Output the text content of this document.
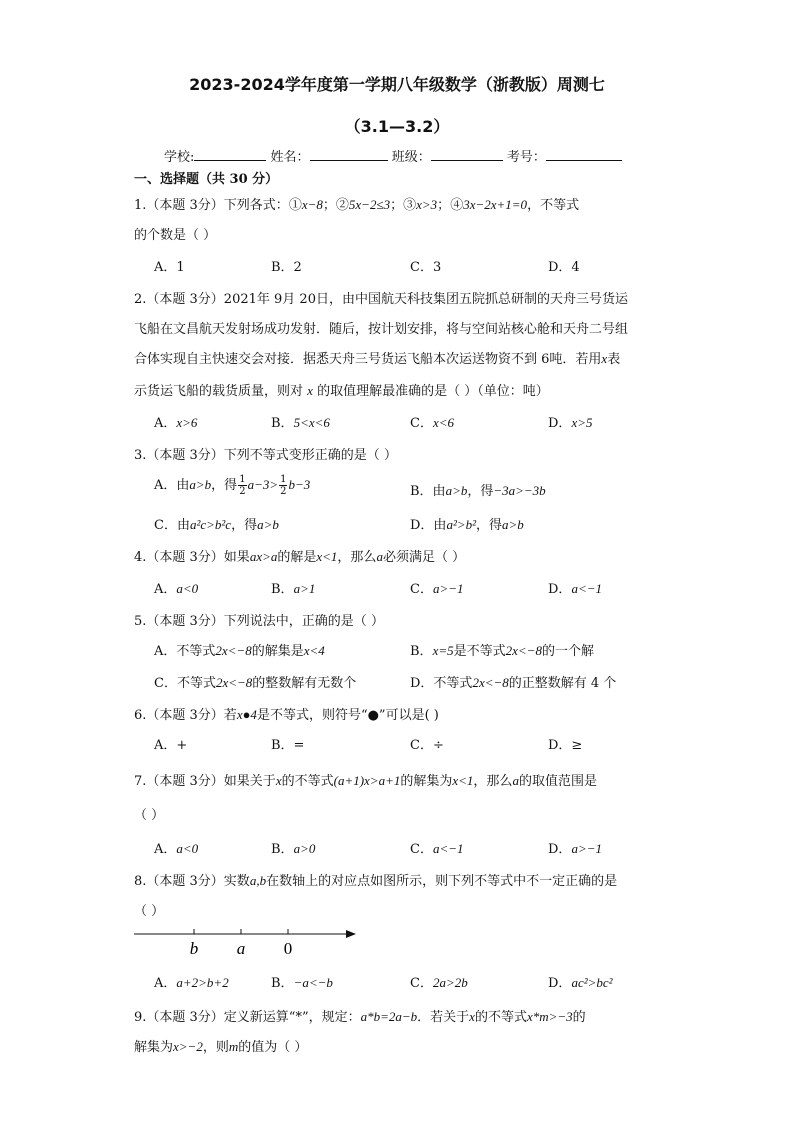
2023-2024学年度第一学期八年级数学（浙教版）周测七
（3.1—3.2）
学校:	姓名：	班级：	考号：
一、选择题（共 30 分）
1.（本题 3分）下列各式：①x−8；②5x−2≤3；③x>3；④3x−2x+1=0，不等式
的个数是（ ）
A．1	B．2	C．3	D．4
2.（本题 3分）2021年 9月 20日，由中国航天科技集团五院抓总研制的天舟三号货运
飞船在文昌航天发射场成功发射．随后，按计划安排，将与空间站核心舱和天舟二号组
合体实现自主快速交会对接．据悉天舟三号货运飞船本次运送物资不到 6吨．若用x表
示货运飞船的载货质量，则对 x 的取值理解最准确的是（ ）（单位：吨）
A．x>6	B．5<x<6	C．x<6	D．x>5
3.（本题 3分）下列不等式变形正确的是（ ）
A．由a>b，得 $\frac{1}{2} a-3> \frac{1}{2} b-3$	B．由a>b，得−3a>−3b
C．由a²c>b²c，得a>b	D．由a²>b²，得a>b
4.（本题 3分）如果ax>a的解是x<1，那么a必须满足（ ）
A．a<0	B．a>1	C．a>−1	D．a<−1
5.（本题 3分）下列说法中，正确的是（ ）
A．不等式2x<−8的解集是x<4	B．x=5是不等式2x<−8的一个解
C．不等式2x<−8的整数解有无数个	D．不等式2x<−8的正整数解有 4 个
6.（本题 3分）若x●4是不等式，则符号“●”可以是( )
A．+	B．=	C．÷	D．≥
7.（本题 3分）如果关于x的不等式(a+1)x>a+1的解集为x<1，那么a的取值范围是
（ ）
A．a<0	B．a>0	C．a<−1	D．a>−1
8.（本题 3分）实数a,b在数轴上的对应点如图所示，则下列不等式中不一定正确的是
（ ）
b a 0
A．a+2>b+2	B．−a<−b	C．2a>2b	D．ac²>bc²
9.（本题 3分）定义新运算“*”，规定：a*b=2a−b．若关于x的不等式x*m>−3的
解集为x>−2，则m的值为（ ）
